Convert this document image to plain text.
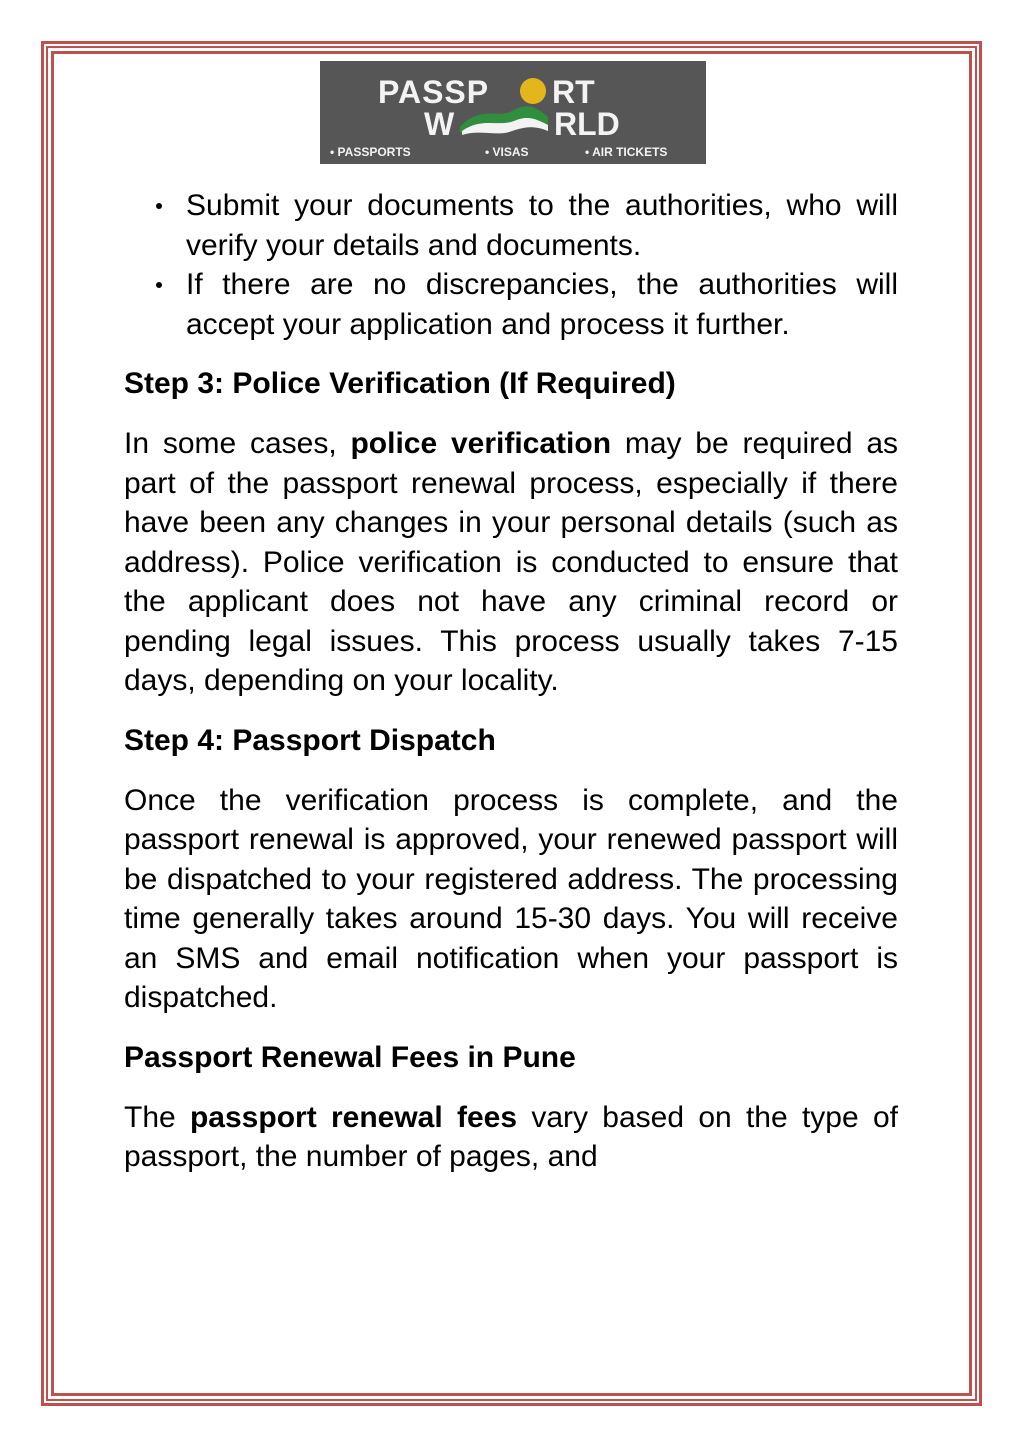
PASSP RT
W	RLD
• PASSPORTS	• VISAS	• AIR TICKETS
Submit your documents to the authorities, who will verify your details and documents.
If there are no discrepancies, the authorities will accept your application and process it further.
Step 3: Police Verification (If Required)

In some cases, police verification may be required as part of the passport renewal process, especially if there have been any changes in your personal details (such as address). Police verification is conducted to ensure that the applicant does not have any criminal record or pending legal issues. This process usually takes 7-15 days, depending on your locality.

Step 4: Passport Dispatch

Once the verification process is complete, and the passport renewal is approved, your renewed passport will be dispatched to your registered address. The processing time generally takes around 15-30 days. You will receive an SMS and email notification when your passport is dispatched.

Passport Renewal Fees in Pune

The passport renewal fees vary based on the type of passport, the number of pages, and
